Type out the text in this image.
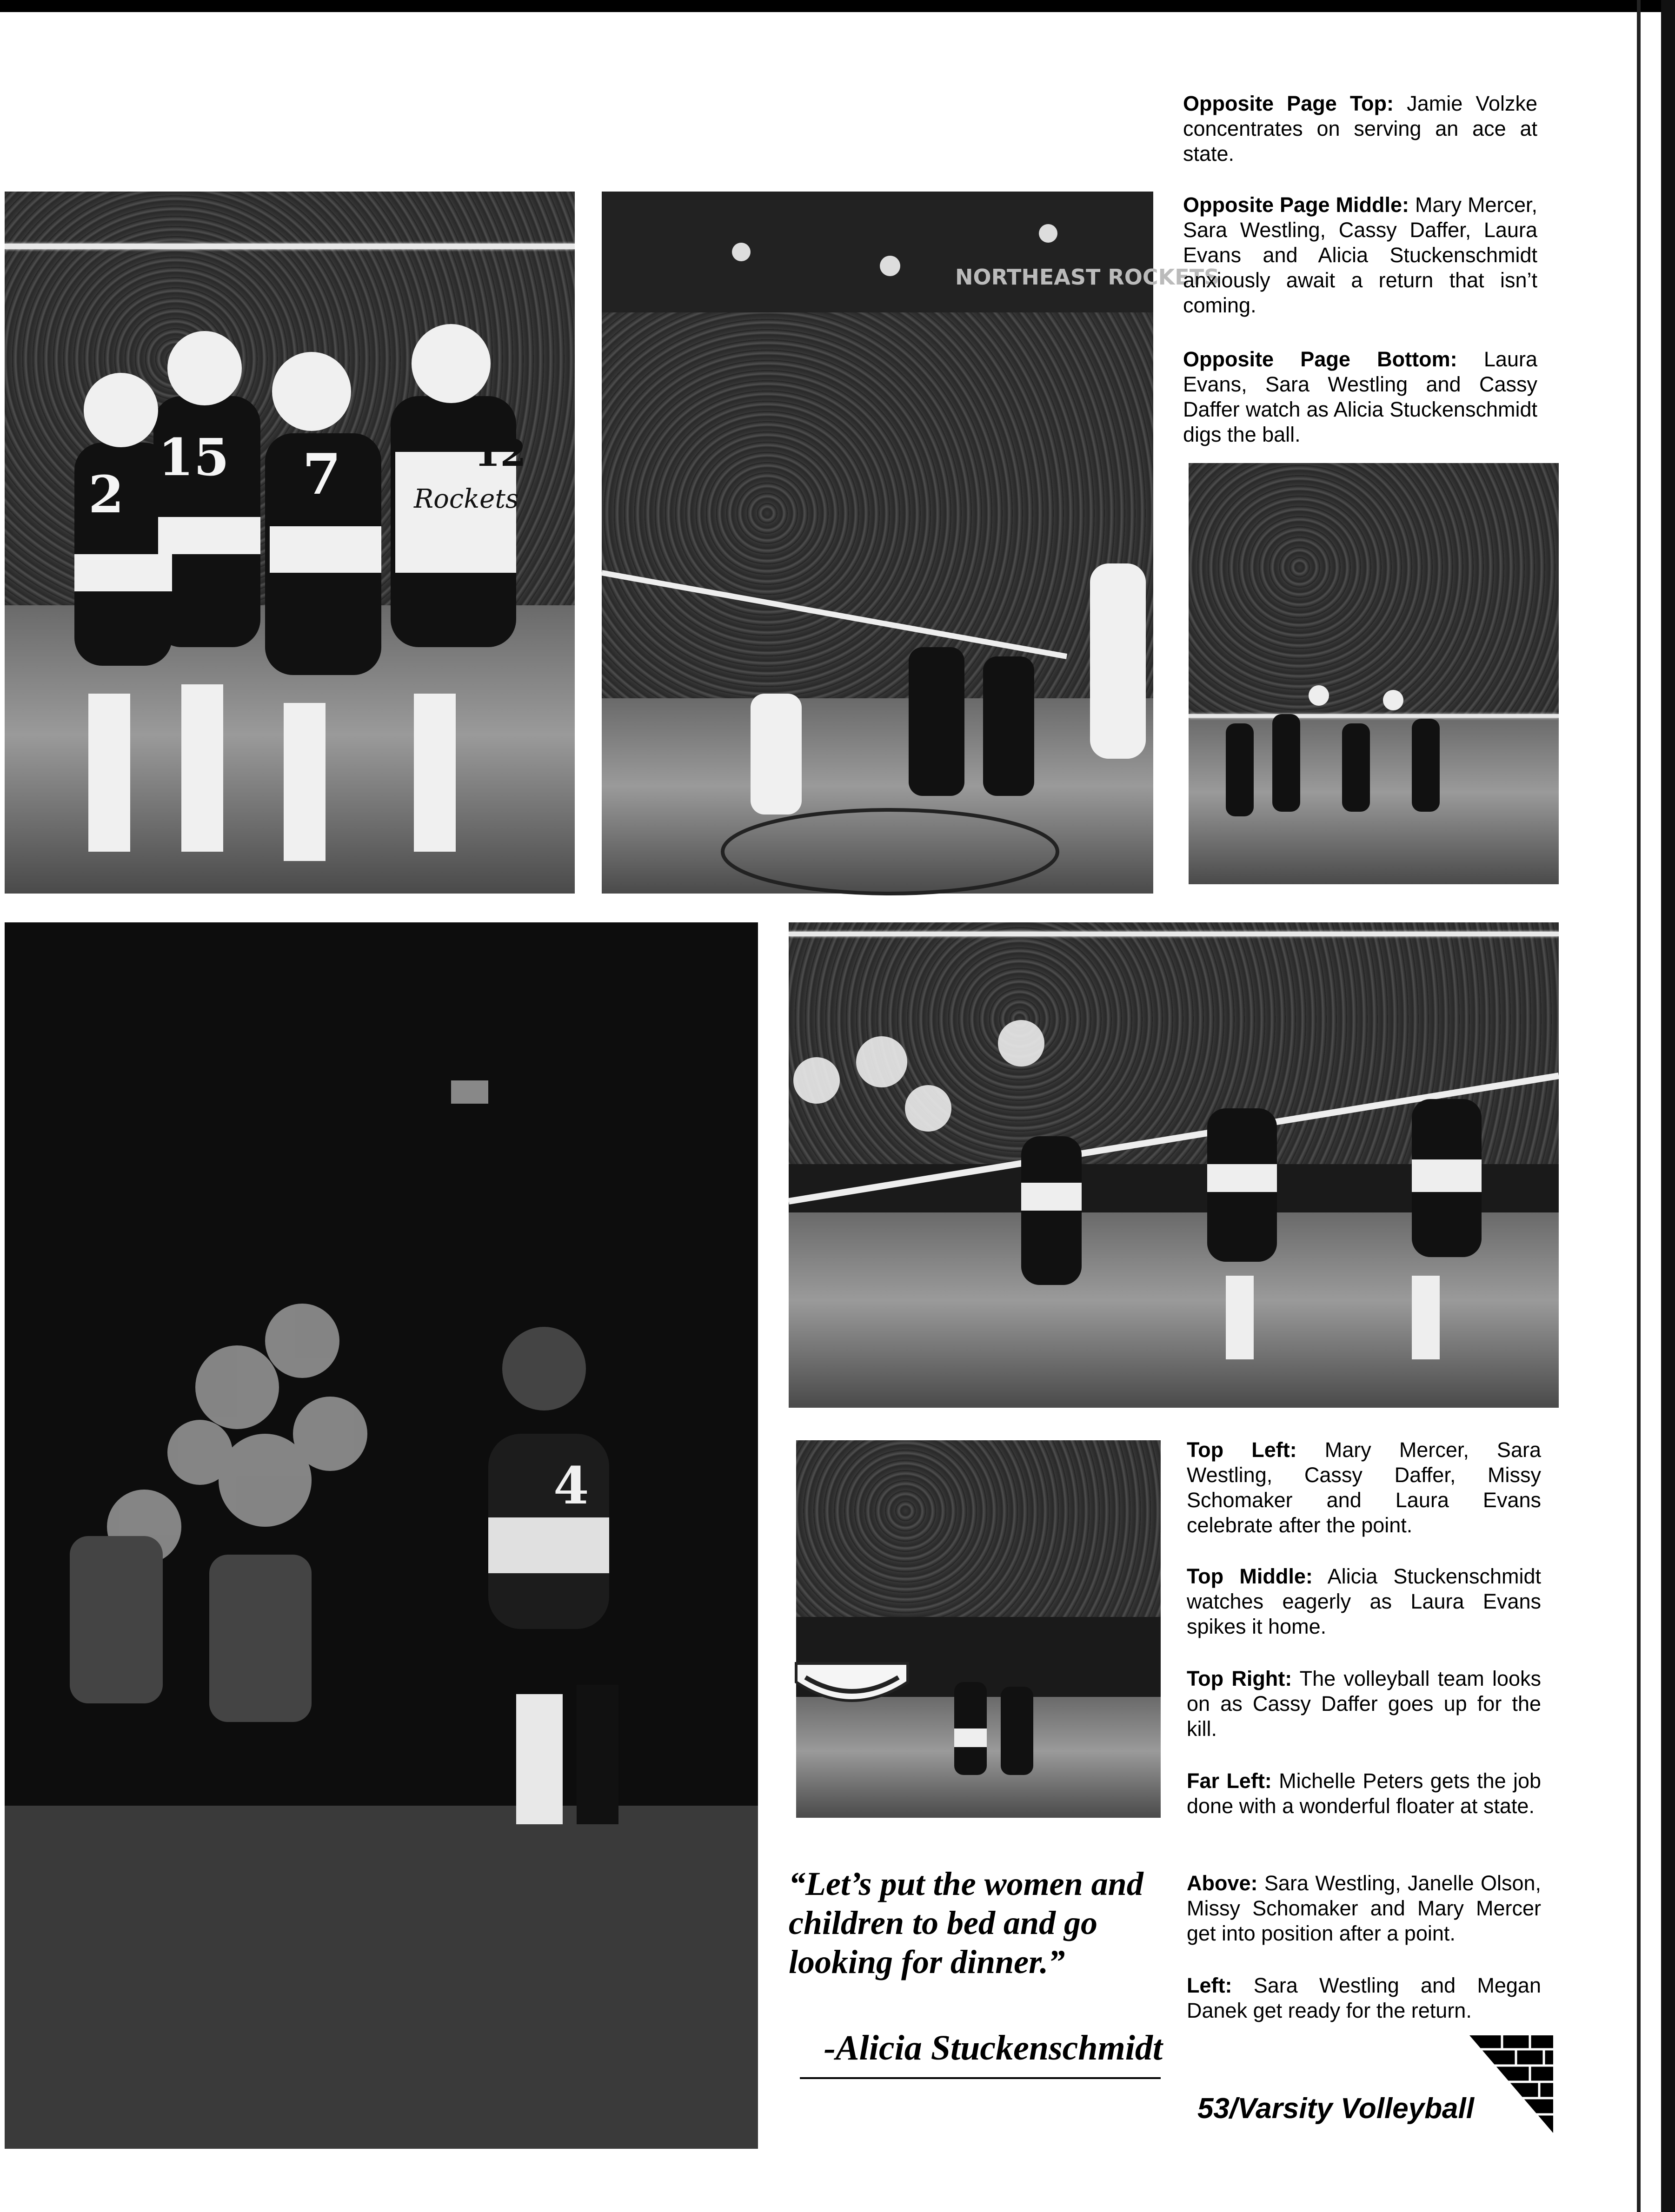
2
15 7	12
Rockets
NORTHEAST ROCKETS
4
Opposite Page Top: Jamie Volzke concentrates on serving an ace at state.
Opposite Page Middle: Mary Mercer, Sara Westling, Cassy Daffer, Laura Evans and Alicia Stuckenschmidt anxiously await a return that isn’t coming.
Opposite Page Bottom: Laura Evans, Sara Westling and Cassy Daffer watch as Alicia Stuckenschmidt digs the ball.
Top Left: Mary Mercer, Sara Westling, Cassy Daffer, Missy Schomaker and Laura Evans celebrate after the point.
Top Middle: Alicia Stuckenschmidt watches eagerly as Laura Evans spikes it home.
Top Right: The volleyball team looks on as Cassy Daffer goes up for the kill.
Far Left: Michelle Peters gets the job done with a wonderful floater at state.
Above: Sara Westling, Janelle Olson, Missy Schomaker and Mary Mercer get into position after a point.
Left: Sara Westling and Megan Danek get ready for the return.
“Let’s put the women and children to bed and go looking for dinner.”
-Alicia Stuckenschmidt
53/Varsity Volleyball
